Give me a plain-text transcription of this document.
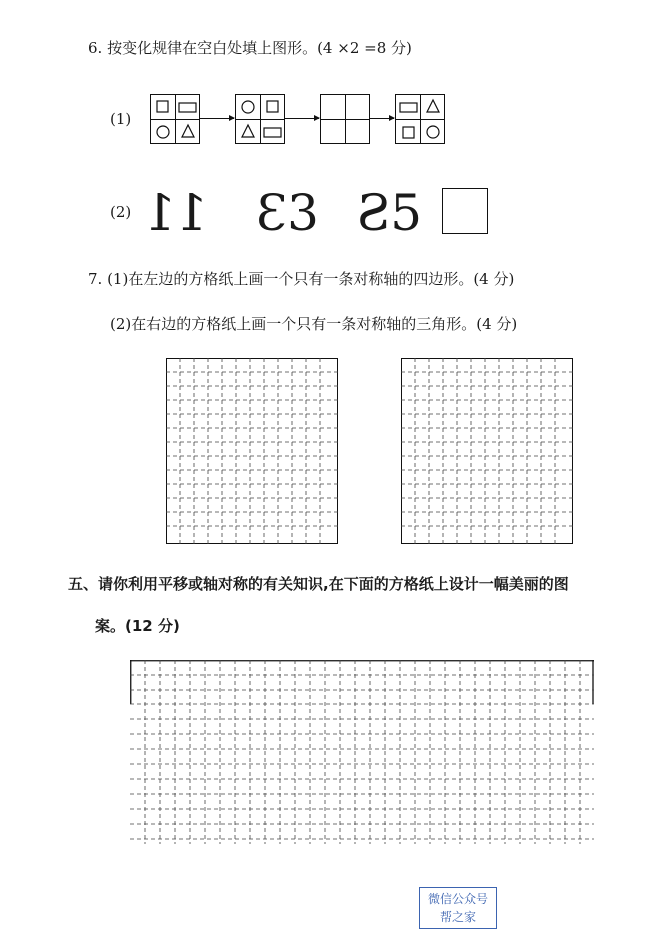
6. 按变化规律在空白处填上图形。(4 ×2 =8 分)
(1)
(2) 11 Ɛ3 Ƨ5
7. (1)在左边的方格纸上画一个只有一条对称轴的四边形。(4 分)
(2)在右边的方格纸上画一个只有一条对称轴的三角形。(4 分)
五、请你利用平移或轴对称的有关知识,在下面的方格纸上设计一幅美丽的图
案。(12 分)
微信公众号
帮之家
